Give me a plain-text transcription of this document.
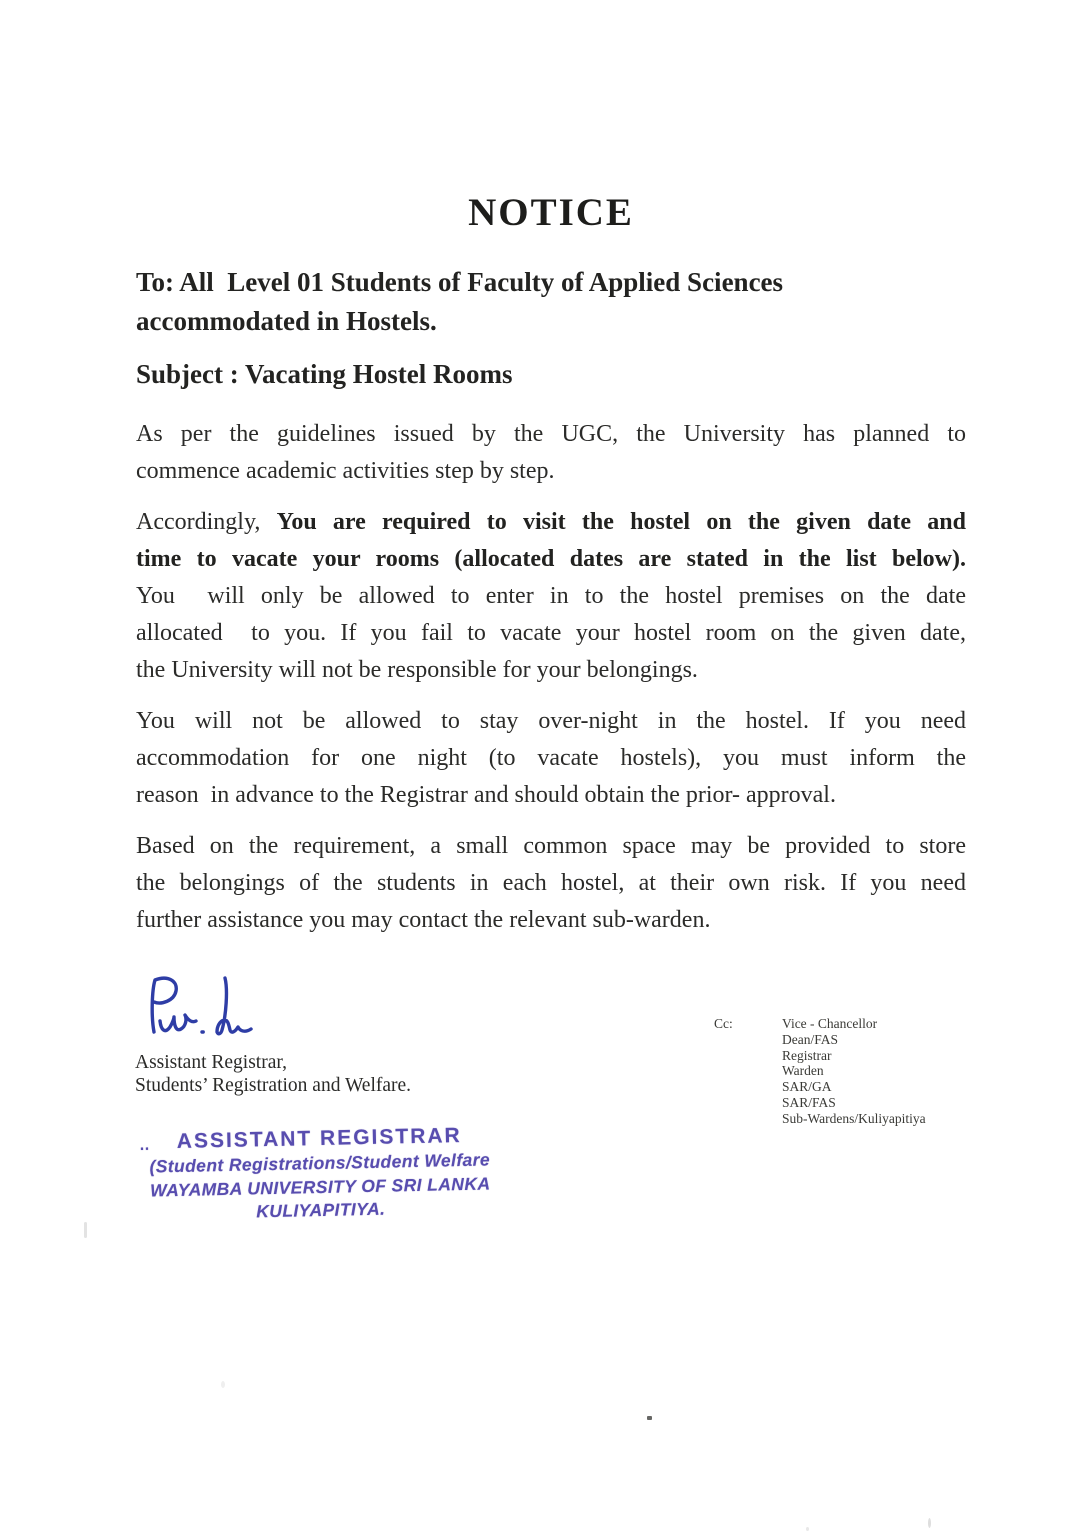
NOTICE
To: All  Level 01 Students of Faculty of Applied Sciences
accommodated in Hostels.
Subject : Vacating Hostel Rooms
As per the guidelines issued by the UGC, the University has planned to
commence academic activities step by step.
Accordingly, You are required to visit the hostel on the given date and
time to vacate your rooms (allocated dates are stated in the list below).
You  will only be allowed to enter in to the hostel premises on the date
allocated  to you. If you fail to vacate your hostel room on the given date,
the University will not be responsible for your belongings.
You will not be allowed to stay over-night in the hostel. If you need
accommodation for one night (to vacate hostels), you must inform the
reason  in advance to the Registrar and should obtain the prior- approval.
Based on the requirement, a small common space may be provided to store
the belongings of the students in each hostel, at their own risk. If you need
further assistance you may contact the relevant sub-warden.
Assistant Registrar,
Students’ Registration and Welfare.
Cc:	Vice - Chancellor
Dean/FAS
Registrar
Warden
SAR/GA
SAR/FAS
Sub-Wardens/Kuliyapitiya
‥	ASSISTANT REGISTRAR
(Student Registrations/Student Welfare
WAYAMBA UNIVERSITY OF SRI LANKA
KULIYAPITIYA.
